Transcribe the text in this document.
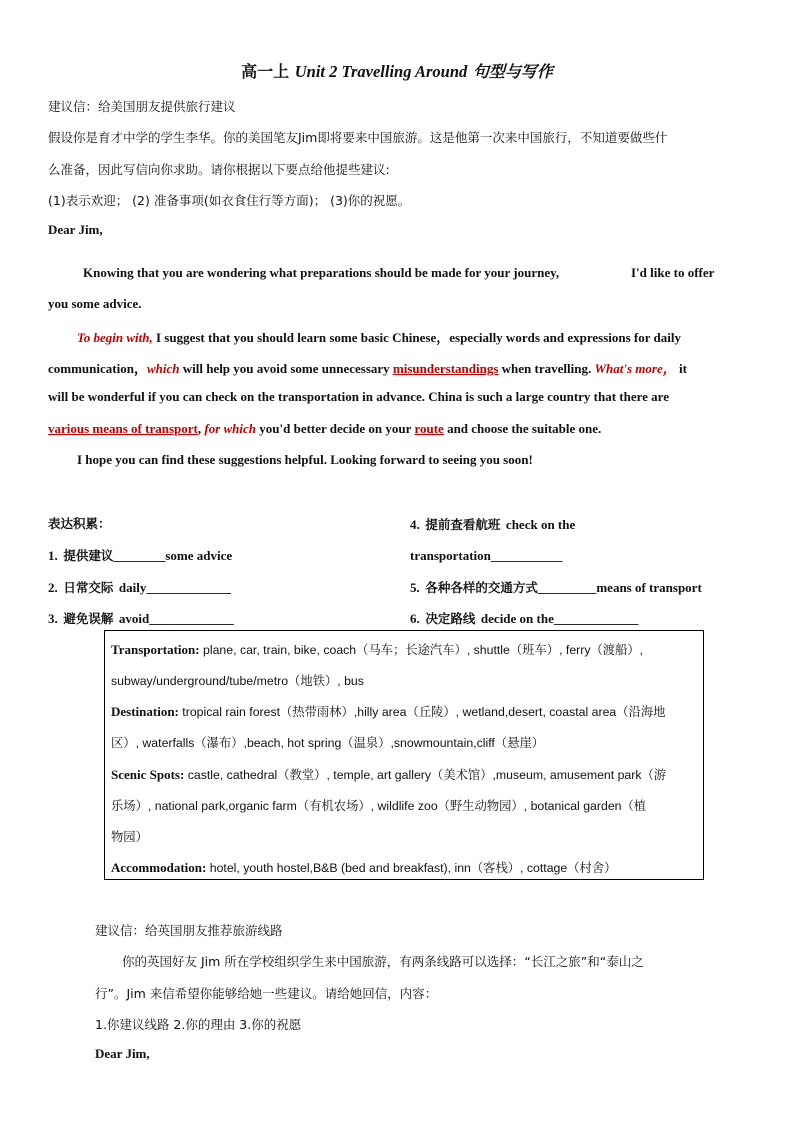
高一上 Unit 2 Travelling Around 句型与写作
建议信：给美国朋友提供旅行建议
假设你是育才中学的学生李华。你的美国笔友Jim即将要来中国旅游。这是他第一次来中国旅行，不知道要做些什
么准备，因此写信向你求助。请你根据以下要点给他提些建议:
(1)表示欢迎； (2) 准备事项(如衣食住行等方面)； (3)你的祝愿。
Dear Jim,
Knowing that you are wondering what preparations should be made for your journey,	I'd like to offer
you some advice.
To begin with, I suggest that you should learn some basic Chinese，especially words and expressions for daily
communication，which will help you avoid some unnecessary misunderstandings when travelling. What's more， it
will be wonderful if you can check on the transportation in advance. China is such a large country that there are
various means of transport, for which you'd better decide on your route and choose the suitable one.
I hope you can find these suggestions helpful. Looking forward to seeing you soon!
表达积累：
1. 提供建议________some advice
2. 日常交际 daily_____________
3. 避免误解 avoid_____________
4. 提前查看航班 check on the
transportation___________
5. 各种各样的交通方式_________means of transport
6. 决定路线 decide on the_____________
Transportation: plane, car, train, bike, coach（马车；长途汽车）, shuttle（班车）, ferry（渡船）,
subway/underground/tube/metro（地铁）, bus
Destination: tropical rain forest（热带雨林）,hilly area（丘陵）, wetland,desert, coastal area（沿海地
区）, waterfalls（瀑布）,beach, hot spring（温泉）,snowmountain,cliff（悬崖）
Scenic Spots: castle, cathedral（教堂）, temple, art gallery（美术馆）,museum, amusement park（游
乐场）, national park,organic farm（有机农场）, wildlife zoo（野生动物园）, botanical garden（植
物园）
Accommodation: hotel, youth hostel,B&B (bed and breakfast), inn（客栈）, cottage（村舍）
建议信：给英国朋友推荐旅游线路
你的英国好友 Jim 所在学校组织学生来中国旅游，有两条线路可以选择：“长江之旅”和“泰山之
行”。Jim 来信希望你能够给她一些建议。请给她回信，内容：
1.你建议线路 2.你的理由 3.你的祝愿
Dear Jim,
